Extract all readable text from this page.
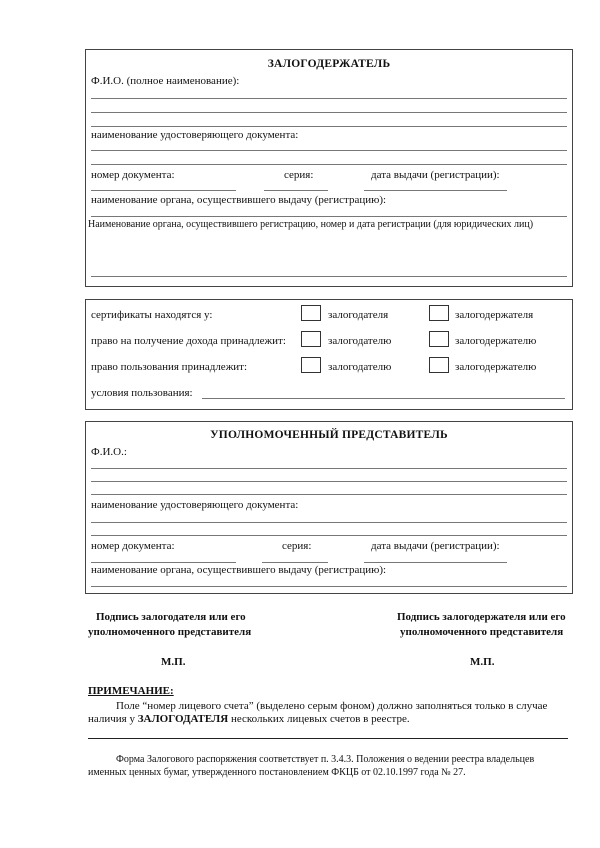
ЗАЛОГОДЕРЖАТЕЛЬ
Ф.И.О. (полное наименование):
наименование удостоверяющего документа:
номер документа:	серия:	дата выдачи (регистрации):
наименование органа, осуществившего выдачу (регистрацию):
Наименование органа, осуществившего регистрацию, номер и дата регистрации (для юридических лиц)
сертификаты находятся у:	залогодателя	залогодержателя
право на получение дохода принадлежит:	залогодателю	залогодержателю
право пользования принадлежит:	залогодателю	залогодержателю
условия пользования:
УПОЛНОМОЧЕННЫЙ ПРЕДСТАВИТЕЛЬ
Ф.И.О.:
наименование удостоверяющего документа:
номер документа:	серия:	дата выдачи (регистрации):
наименование органа, осуществившего выдачу (регистрацию):
Подпись залогодателя или его
уполномоченного представителя
Подпись залогодержателя или его
уполномоченного представителя
М.П.	М.П.
ПРИМЕЧАНИЕ:
Поле “номер лицевого счета” (выделено серым фоном) должно заполняться только в случае
наличия у ЗАЛОГОДАТЕЛЯ нескольких лицевых счетов в реестре.
Форма Залогового распоряжения соответствует п. 3.4.3. Положения о ведении реестра владельцев
именных ценных бумаг, утвержденного постановлением ФКЦБ от 02.10.1997 года № 27.
